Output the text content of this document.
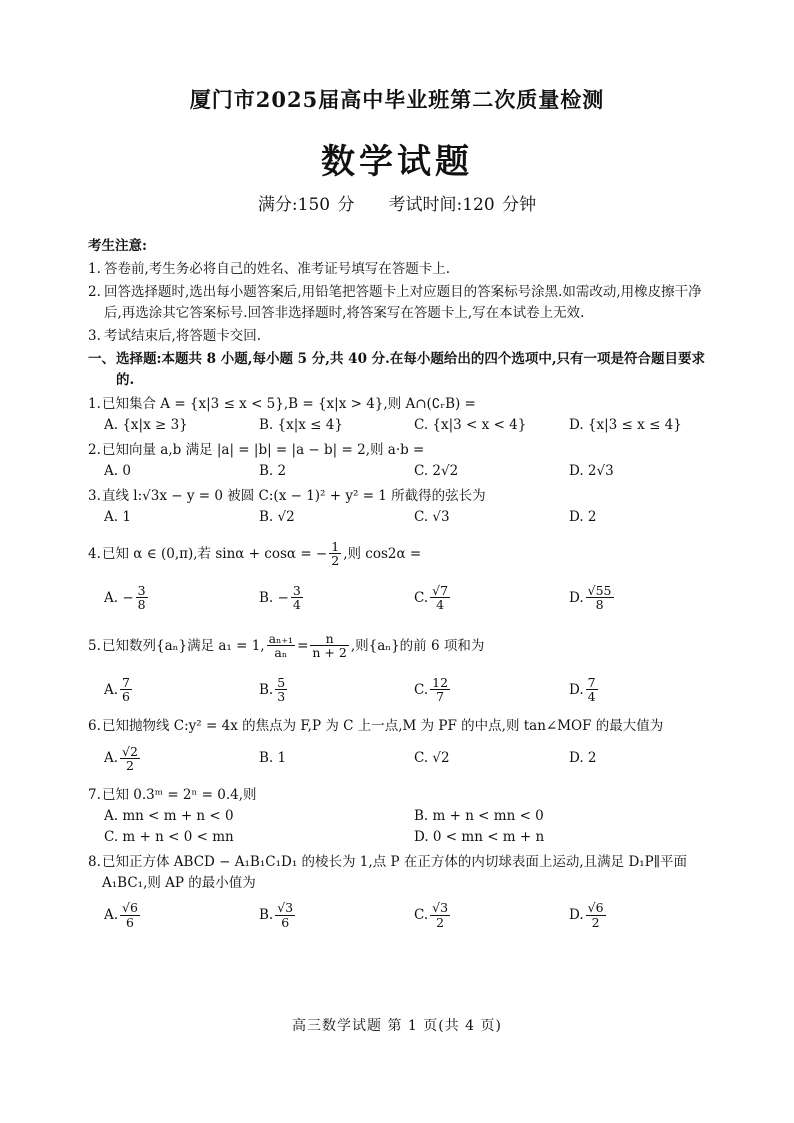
厦门市2025届高中毕业班第二次质量检测
数学试题
满分:150 分 考试时间:120 分钟
考生注意:
1. 答卷前,考生务必将自己的姓名、准考证号填写在答题卡上.
2. 回答选择题时,选出每小题答案后,用铅笔把答题卡上对应题目的答案标号涂黑.如需改动,用橡皮擦干净后,再选涂其它答案标号.回答非选择题时,将答案写在答题卡上,写在本试卷上无效.
3. 考试结束后,将答题卡交回.
一、 选择题:本题共 8 小题,每小题 5 分,共 40 分.在每小题给出的四个选项中,只有一项是符合题目要求的.
1. 已知集合 A = {x|3 ≤ x < 5},B = {x|x > 4},则 A∩(∁ᵣB) =
A. {x|x ≥ 3}	B. {x|x ≤ 4}	C. {x|3 < x < 4}	D. {x|3 ≤ x ≤ 4}
2. 已知向量 a,b 满足 |a| = |b| = |a − b| = 2,则 a·b =
A. 0	B. 2	C. 2√2	D. 2√3
3. 直线 l:√3x − y = 0 被圆 C:(x − 1)² + y² = 1 所截得的弦长为
A. 1	B. √2	C. √3	D. 2
4. 已知 α ∈ (0,π),若 sinα + cosα = − $\frac{1}{2}$ ,则 cos2α =
A. − $\frac{3}{8}$	B. − $\frac{3}{4}$	C. $\frac{√7}{4}$	D. $\frac{√55}{8}$
5. 已知数列{aₙ}满足 a₁ = 1, $\frac{\text{aₙ₊₁}}{\text{aₙ}} = \frac{n}{n + 2}$ ,则{aₙ}的前 6 项和为
A. $\frac{7}{6}$	B. $\frac{5}{3}$	C. $\frac{12}{7}$	D. $\frac{7}{4}$
6. 已知抛物线 C:y² = 4x 的焦点为 F,P 为 C 上一点,M 为 PF 的中点,则 tan∠MOF 的最大值为
A. $\frac{√2}{2}$	B. 1	C. √2	D. 2
7. 已知 0.3ᵐ = 2ⁿ = 0.4,则
A. mn < m + n < 0	B. m + n < mn < 0
C. m + n < 0 < mn	D. 0 < mn < m + n
8. 已知正方体 ABCD − A₁B₁C₁D₁ 的棱长为 1,点 P 在正方体的内切球表面上运动,且满足 D₁P∥平面 A₁BC₁,则 AP 的最小值为
A. $\frac{√6}{6}$	B. $\frac{√3}{6}$	C. $\frac{√3}{2}$	D. $\frac{√6}{2}$
高三数学试题 第 1 页(共 4 页)
